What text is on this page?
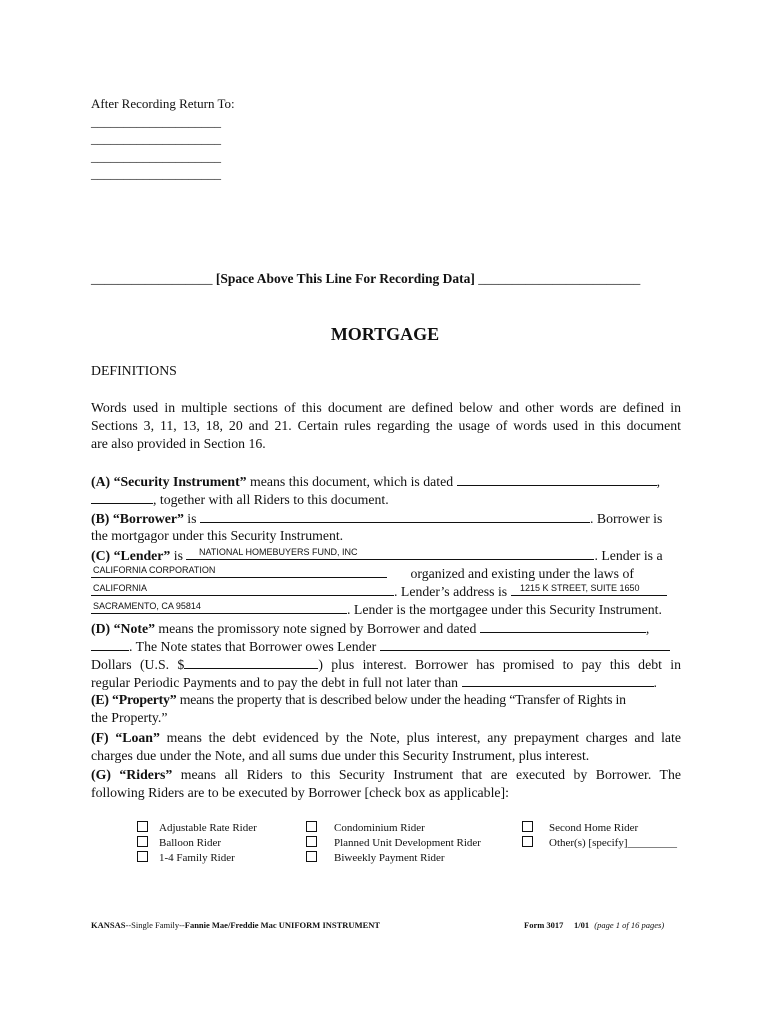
After Recording Return To:
____________________
____________________
____________________
____________________
__________________ [Space Above This Line For Recording Data] ________________________
MORTGAGE
DEFINITIONS
Words used in multiple sections of this document are defined below and other words are defined in
Sections 3, 11, 13, 18, 20 and 21. Certain rules regarding the usage of words used in this document
are also provided in Section 16.
(A) “Security Instrument” means this document, which is dated	,
, together with all Riders to this document.
(B) “Borrower” is	. Borrower is
the mortgagor under this Security Instrument.
(C) “Lender” is	. Lender is a
NATIONAL HOMEBUYERS FUND, INC
organized and existing under the laws of
CALIFORNIA CORPORATION
. Lender’s address is
CALIFORNIA	1215 K STREET, SUITE 1650
. Lender is the mortgagee under this Security Instrument.
SACRAMENTO, CA 95814
(D) “Note” means the promissory note signed by Borrower and dated	,
. The Note states that Borrower owes Lender
Dollars (U.S. $	) plus interest. Borrower has promised to pay this debt in
regular Periodic Payments and to pay the debt in full not later than	.
(E) “Property” means the property that is described below under the heading “Transfer of Rights in
the Property.”
(F) “Loan” means the debt evidenced by the Note, plus interest, any prepayment charges and late
charges due under the Note, and all sums due under this Security Instrument, plus interest.
(G) “Riders” means all Riders to this Security Instrument that are executed by Borrower. The
following Riders are to be executed by Borrower [check box as applicable]:
Adjustable Rate Rider
Balloon Rider
1-4 Family Rider
Condominium Rider
Planned Unit Development Rider
Biweekly Payment Rider
Second Home Rider
Other(s) [specify]_________
KANSAS--Single Family--Fannie Mae/Freddie Mac UNIFORM INSTRUMENT	Form 3017     1/01 (page 1 of 16 pages)
